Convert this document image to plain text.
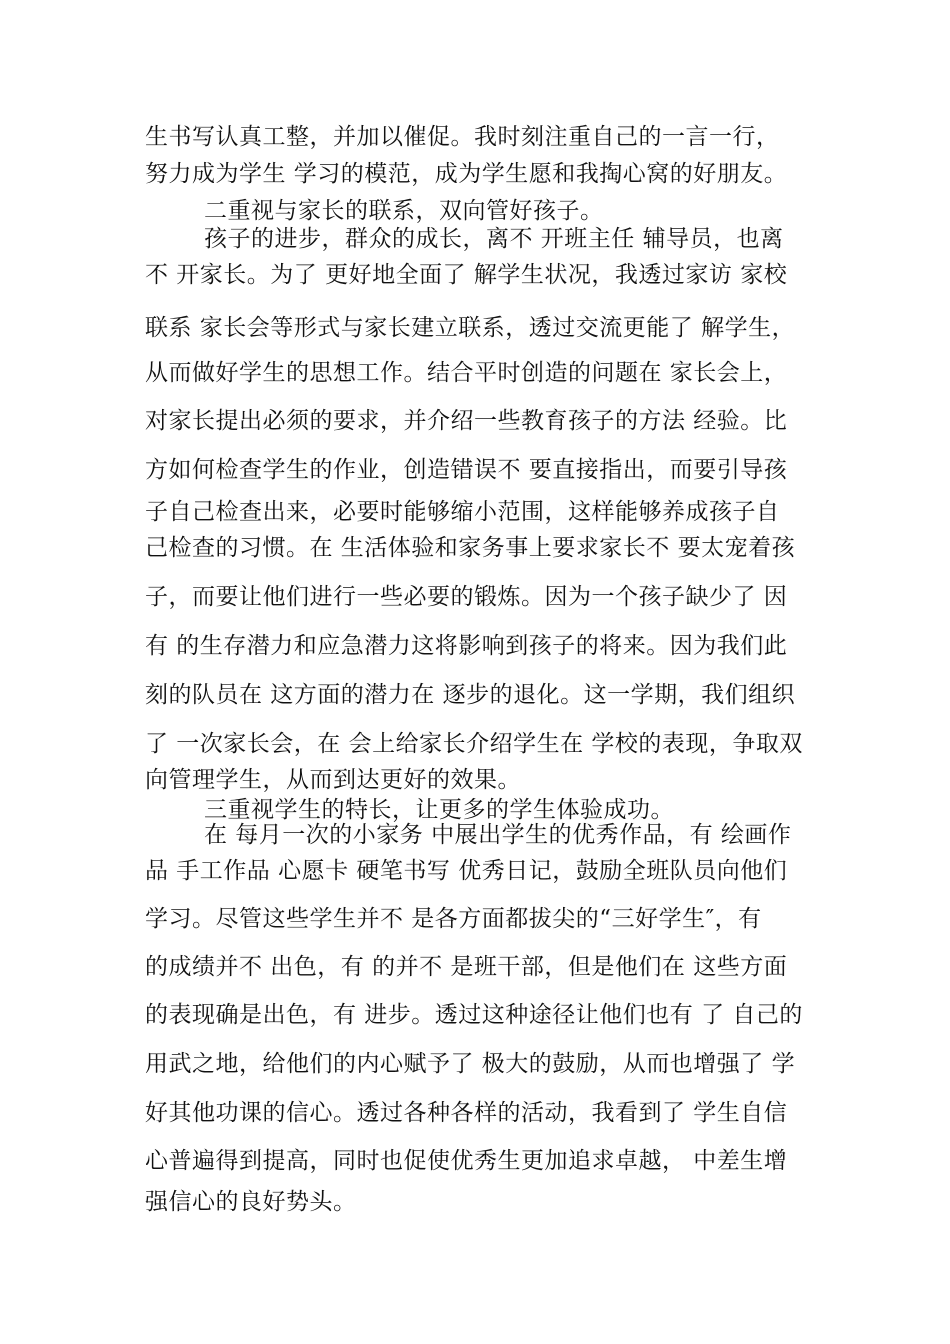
生书写认真工整，并加以催促。我时刻注重自己的一言一行，
努力成为学生 学习的模范，成为学生愿和我掏心窝的好朋友。
二重视与家长的联系，双向管好孩子。
孩子的进步，群众的成长，离不 开班主任 辅导员，也离
不 开家长。为了 更好地全面了 解学生状况，我透过家访 家校
联系 家长会等形式与家长建立联系，透过交流更能了 解学生，
从而做好学生的思想工作。结合平时创造的问题在 家长会上，
对家长提出必须的要求，并介绍一些教育孩子的方法 经验。比
方如何检查学生的作业，创造错误不 要直接指出，而要引导孩
子自己检查出来，必要时能够缩小范围，这样能够养成孩子自
己检查的习惯。在 生活体验和家务事上要求家长不 要太宠着孩
子，而要让他们进行一些必要的锻炼。因为一个孩子缺少了 因
有 的生存潜力和应急潜力这将影响到孩子的将来。因为我们此
刻的队员在 这方面的潜力在 逐步的退化。这一学期，我们组织
了 一次家长会，在 会上给家长介绍学生在 学校的表现，争取双
向管理学生，从而到达更好的效果。
三重视学生的特长，让更多的学生体验成功。
在 每月一次的小家务 中展出学生的优秀作品，有 绘画作
品 手工作品 心愿卡 硬笔书写 优秀日记，鼓励全班队员向他们
学习。尽管这些学生并不 是各方面都拔尖的“三好学生″，有
的成绩并不 出色，有 的并不 是班干部，但是他们在 这些方面
的表现确是出色，有 进步。透过这种途径让他们也有 了 自己的
用武之地，给他们的内心赋予了 极大的鼓励，从而也增强了 学
好其他功课的信心。透过各种各样的活动，我看到了 学生自信
心普遍得到提高，同时也促使优秀生更加追求卓越， 中差生增
强信心的良好势头。
